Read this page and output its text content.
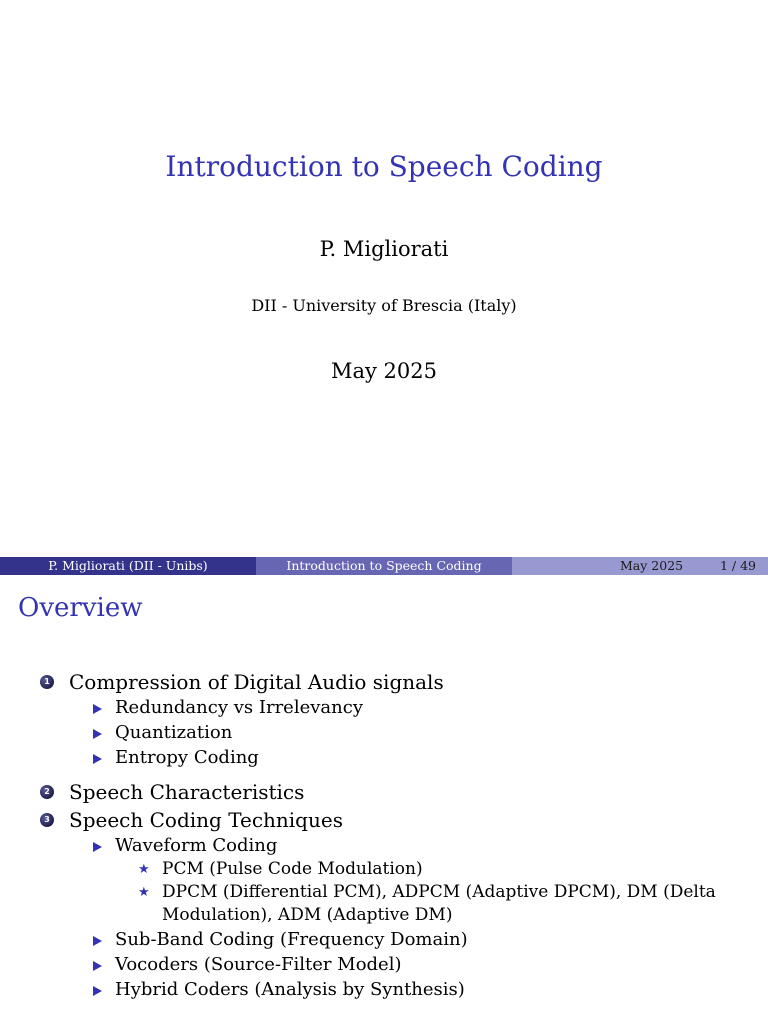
Introduction to Speech Coding
P. Migliorati
DII - University of Brescia (Italy)
May 2025
P. Migliorati (DII - Unibs)	Introduction to Speech Coding	May 2025	1 / 49
Overview
1 Compression of Digital Audio signals
Redundancy vs Irrelevancy
Quantization
Entropy Coding
2 Speech Characteristics
3 Speech Coding Techniques
Waveform Coding
★ PCM (Pulse Code Modulation)
★ DPCM (Differential PCM), ADPCM (Adaptive DPCM), DM (Delta Modulation), ADM (Adaptive DM)
Sub-Band Coding (Frequency Domain)
Vocoders (Source-Filter Model)
Hybrid Coders (Analysis by Synthesis)
